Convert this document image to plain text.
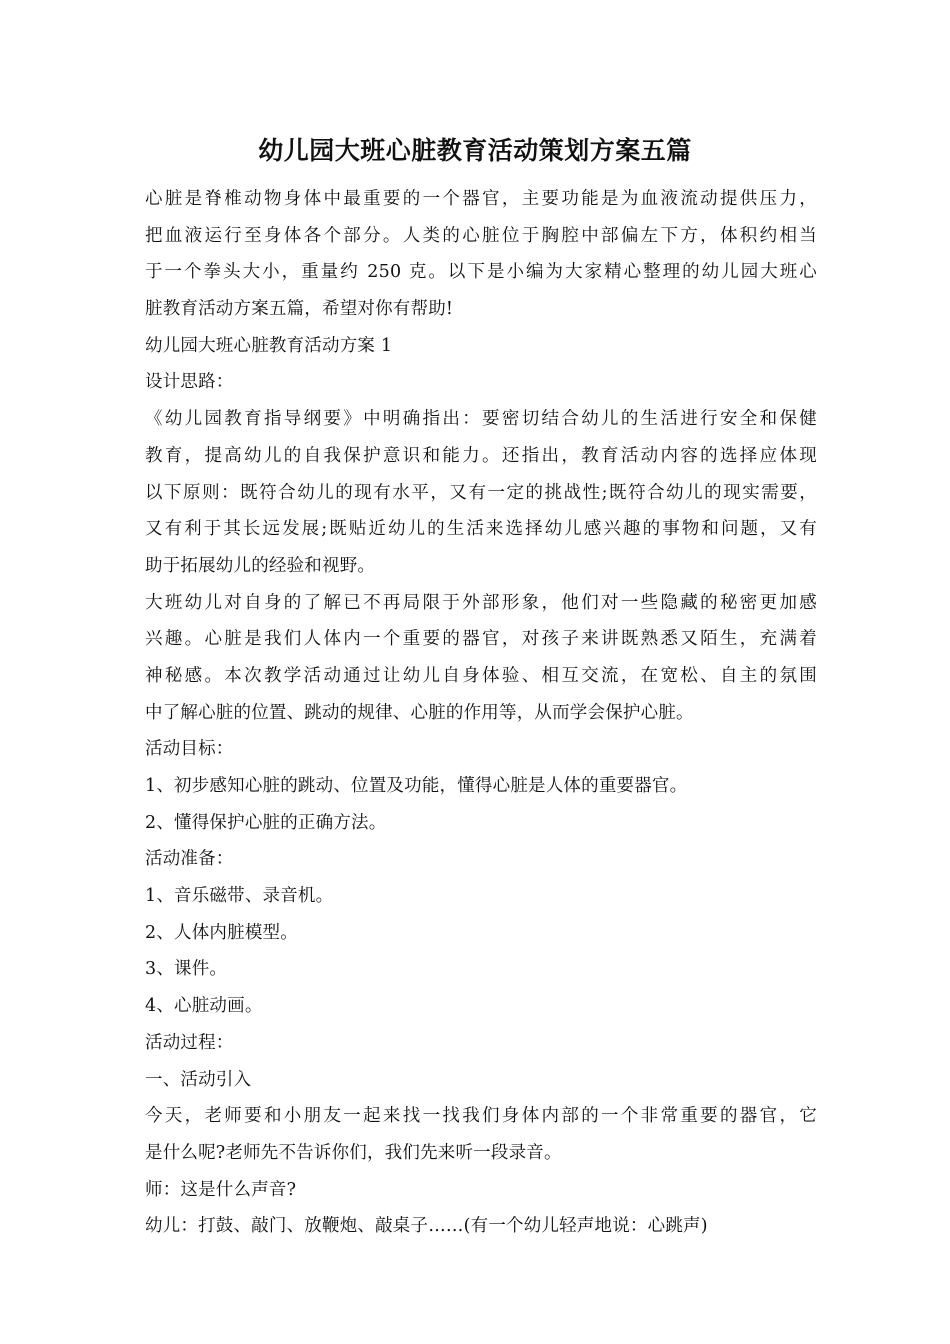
幼儿园大班心脏教育活动策划方案五篇
心脏是脊椎动物身体中最重要的一个器官，主要功能是为血液流动提供压力，
把血液运行至身体各个部分。人类的心脏位于胸腔中部偏左下方，体积约相当
于一个拳头大小，重量约 250 克。以下是小编为大家精心整理的幼儿园大班心
脏教育活动方案五篇，希望对你有帮助!
幼儿园大班心脏教育活动方案 1
设计思路：
《幼儿园教育指导纲要》中明确指出：要密切结合幼儿的生活进行安全和保健
教育，提高幼儿的自我保护意识和能力。还指出，教育活动内容的选择应体现
以下原则：既符合幼儿的现有水平，又有一定的挑战性;既符合幼儿的现实需要，
又有利于其长远发展;既贴近幼儿的生活来选择幼儿感兴趣的事物和问题，又有
助于拓展幼儿的经验和视野。
大班幼儿对自身的了解已不再局限于外部形象，他们对一些隐藏的秘密更加感
兴趣。心脏是我们人体内一个重要的器官，对孩子来讲既熟悉又陌生，充满着
神秘感。本次教学活动通过让幼儿自身体验、相互交流，在宽松、自主的氛围
中了解心脏的位置、跳动的规律、心脏的作用等，从而学会保护心脏。
活动目标：
1、初步感知心脏的跳动、位置及功能，懂得心脏是人体的重要器官。
2、懂得保护心脏的正确方法。
活动准备：
1、音乐磁带、录音机。
2、人体内脏模型。
3、课件。
4、心脏动画。
活动过程：
一、活动引入
今天，老师要和小朋友一起来找一找我们身体内部的一个非常重要的器官，它
是什么呢?老师先不告诉你们，我们先来听一段录音。
师：这是什么声音?
幼儿：打鼓、敲门、放鞭炮、敲桌子……(有一个幼儿轻声地说：心跳声)
